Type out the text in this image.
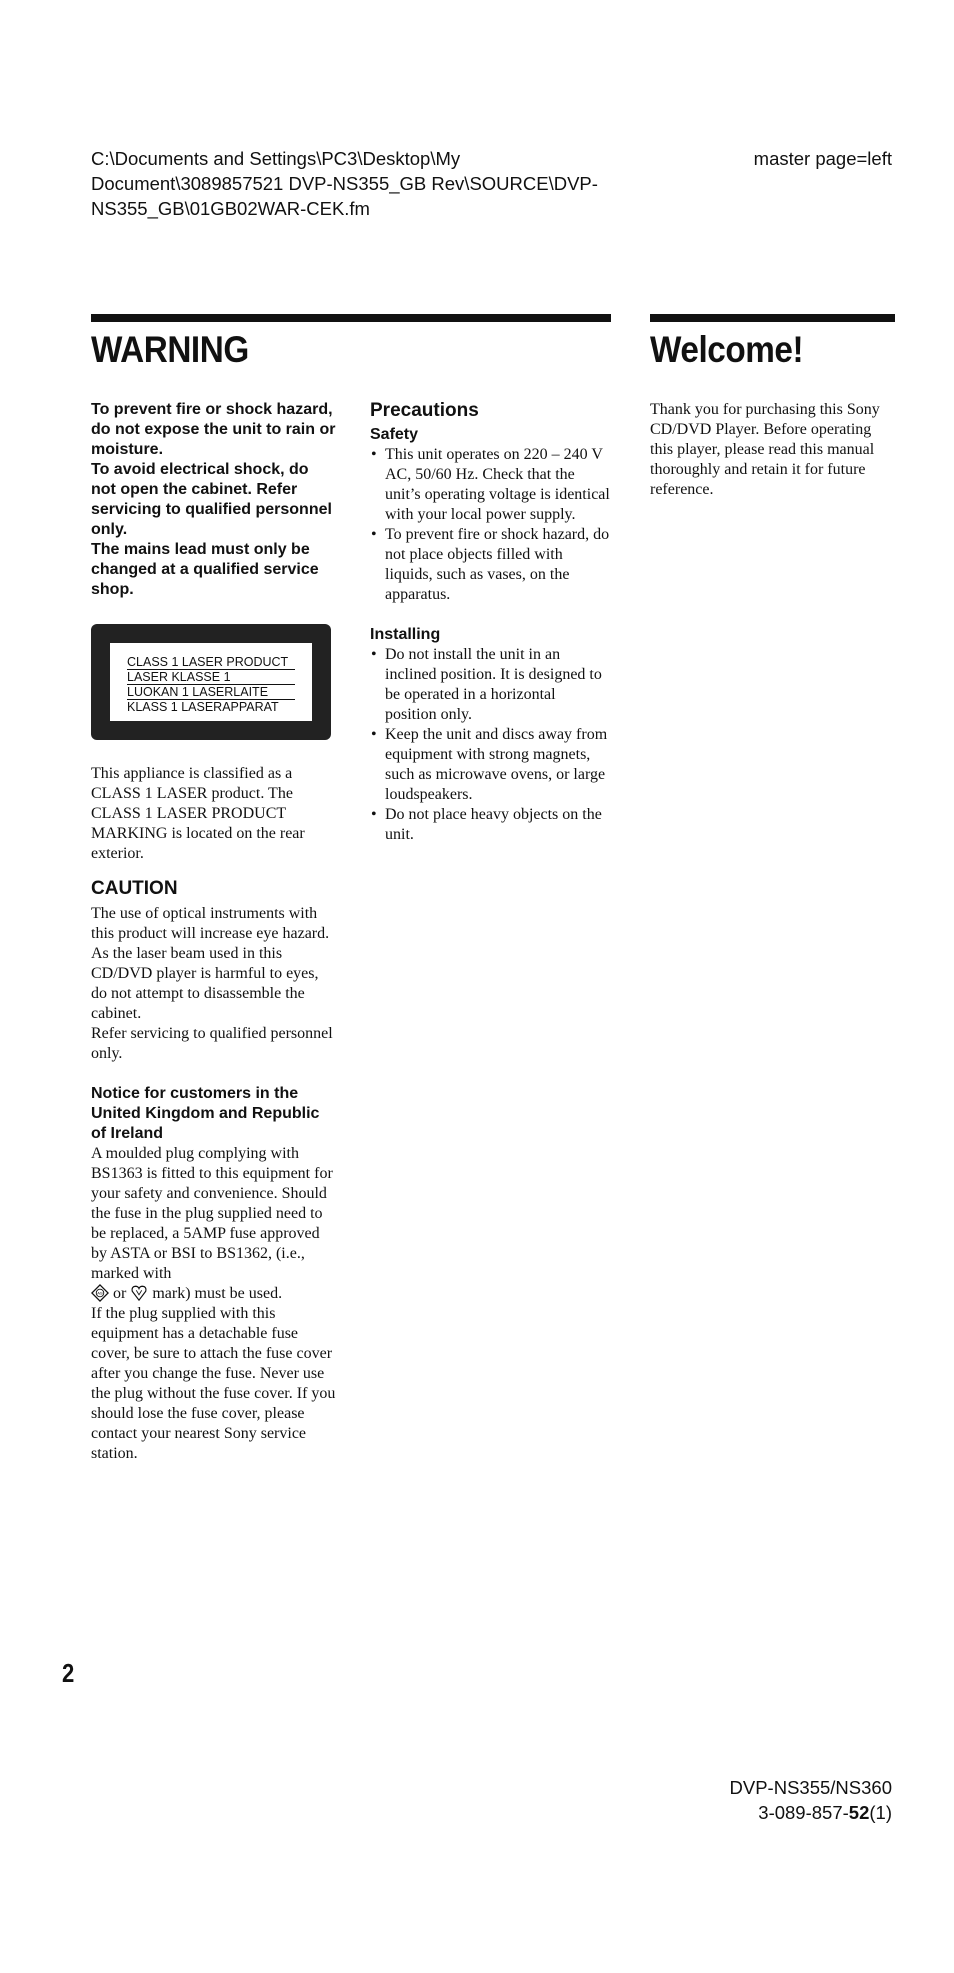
C:\Documents and Settings\PC3\Desktop\My Document\3089857521 DVP-NS355_GB Rev\SOURCE\DVP-NS355_GB\01GB02WAR-CEK.fm
master page=left
WARNING	Welcome!

To prevent fire or shock hazard, do not expose the unit to rain or moisture.

To avoid electrical shock, do not open the cabinet. Refer servicing to qualified personnel only.

The mains lead must only be changed at a qualified service shop.

CLASS 1 LASER PRODUCT
LASER KLASSE 1
LUOKAN 1 LASERLAITE
KLASS 1 LASERAPPARAT
This appliance is classified as a CLASS 1 LASER product. The CLASS 1 LASER PRODUCT MARKING is located on the rear exterior.
CAUTION
The use of optical instruments with this product will increase eye hazard. As the laser beam used in this CD/DVD player is harmful to eyes, do not attempt to disassemble the cabinet.
Refer servicing to qualified personnel only.
Notice for customers in the United Kingdom and Republic of Ireland
A moulded plug complying with BS1363 is fitted to this equipment for your safety and convenience. Should the fuse in the plug supplied need to be replaced, a 5AMP fuse approved by ASTA or BSI to BS1362, (i.e., marked with

AS or mark) must be used.
If the plug supplied with this equipment has a detachable fuse cover, be sure to attach the fuse cover after you change the fuse. Never use the plug without the fuse cover. If you should lose the fuse cover, please contact your nearest Sony service station.
Precautions
Safety
• This unit operates on 220 – 240 V AC, 50/60 Hz. Check that the unit’s operating voltage is identical with your local power supply.
• To prevent fire or shock hazard, do not place objects filled with liquids, such as vases, on the apparatus.
Installing
• Do not install the unit in an inclined position. It is designed to be operated in a horizontal position only.
• Keep the unit and discs away from equipment with strong magnets, such as microwave ovens, or large loudspeakers.
• Do not place heavy objects on the unit.
Thank you for purchasing this Sony CD/DVD Player. Before operating this player, please read this manual thoroughly and retain it for future reference.
2
DVP-NS355/NS360
3-089-857-52(1)
